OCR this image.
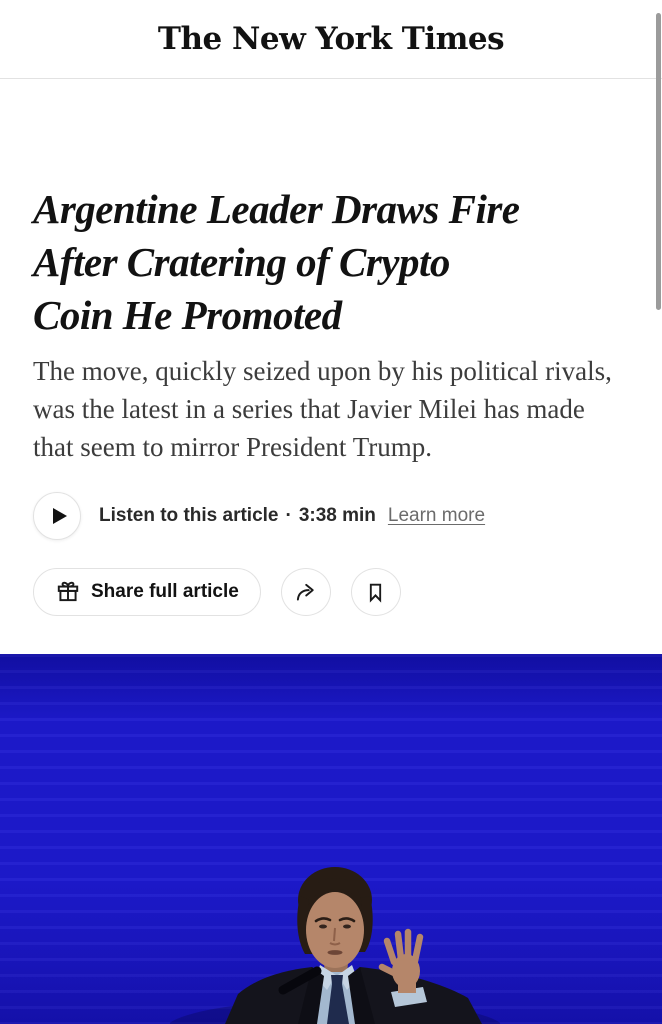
The New York Times
Argentine Leader Draws Fire After Cratering of Crypto Coin He Promoted

The move, quickly seized upon by his political rivals, was the latest in a series that Javier Milei has made that seem to mirror President Trump.

Listen to this article · 3:38 min Learn more
Share full article
